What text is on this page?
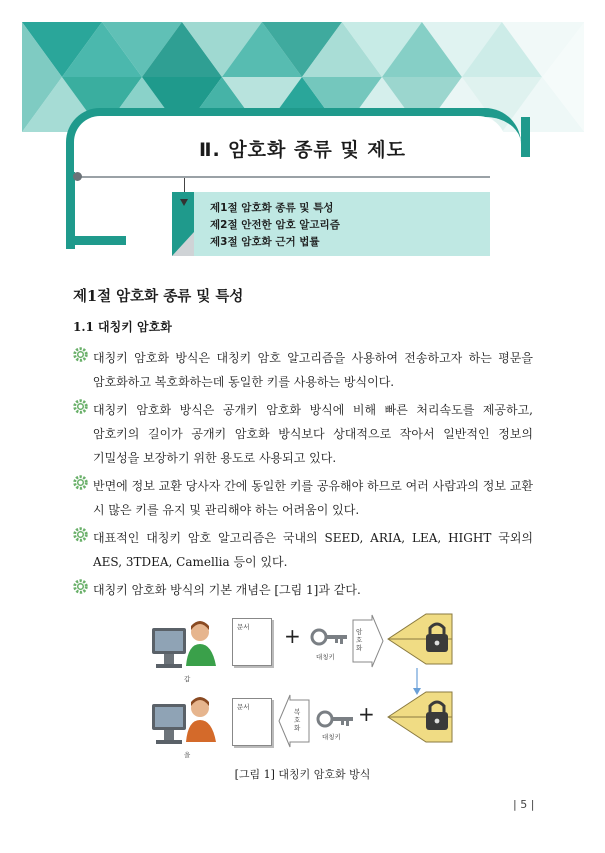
Ⅱ. 암호화 종류 및 제도
제1절 암호화 종류 및 특성
제2절 안전한 암호 알고리즘
제3절 암호화 근거 법률
제1절 암호화 종류 및 특성
1.1 대칭키 암호화
대칭키 암호화 방식은 대칭키 암호 알고리즘을 사용하여 전송하고자 하는 평문을 암호화하고 복호화하는데 동일한 키를 사용하는 방식이다.
대칭키 암호화 방식은 공개키 암호화 방식에 비해 빠른 처리속도를 제공하고, 암호키의 길이가 공개키 암호화 방식보다 상대적으로 작아서 일반적인 정보의 기밀성을 보장하기 위한 용도로 사용되고 있다.
반면에 정보 교환 당사자 간에 동일한 키를 공유해야 하므로 여러 사람과의 정보 교환 시 많은 키를 유지 및 관리해야 하는 어려움이 있다.
대표적인 대칭키 암호 알고리즘은 국내의 SEED, ARIA, LEA, HIGHT 국외의 AES, 3TDEA, Camellia 등이 있다.
대칭키 암호화 방식의 기본 개념은 [그림 1]과 같다.
갑
문서 +
대칭키
암호화
을
문서
복호화
대칭키
+
[그림 1] 대칭키 암호화 방식
| 5 |
